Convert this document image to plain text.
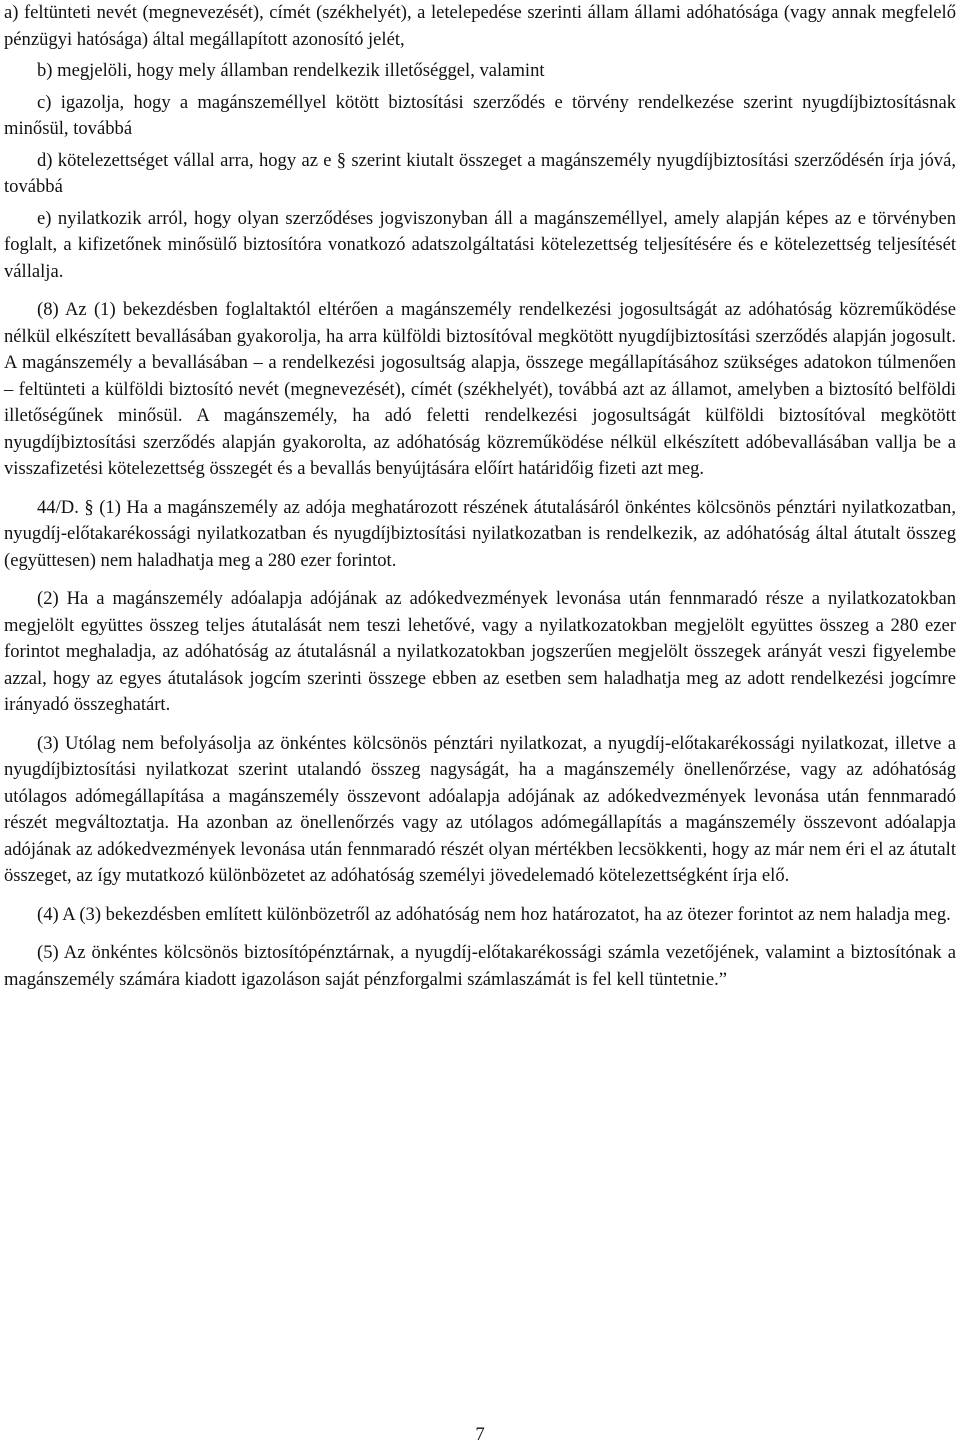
a) feltüntetі nevét (megnevezését), címét (székhelyét), a letelepedése szerinti állam állami adóhatósága (vagy annak megfelelő pénzügyi hatósága) által megállapított azonosító jelét,

b) megjelöli, hogy mely államban rendelkezik illetőséggel, valamint

c) igazolja, hogy a magánszeméllyel kötött biztosítási szerződés e törvény rendelkezése szerint nyugdíjbiztosításnak minősül, továbbá

d) kötelezettséget vállal arra, hogy az e § szerint kiutalt összeget a magánszemély nyugdíjbiztosítási szerződésén írja jóvá, továbbá

e) nyilatkozik arról, hogy olyan szerződéses jogviszonyban áll a magánszeméllyel, amely alapján képes az e törvényben foglalt, a kifizetőnek minősülő biztosítóra vonatkozó adatszolgáltatási kötelezettség teljesítésére és e kötelezettség teljesítését vállalja.

(8) Az (1) bekezdésben foglaltaktól eltérően a magánszemély rendelkezési jogosultságát az adóhatóság közreműködése nélkül elkészített bevallásában gyakorolja, ha arra külföldi biztosítóval megkötött nyugdíjbiztosítási szerződés alapján jogosult. A magánszemély a bevallásában – a rendelkezési jogosultság alapja, összege megállapításához szükséges adatokon túlmenően – feltünteti a külföldi biztosító nevét (megnevezését), címét (székhelyét), továbbá azt az államot, amelyben a biztosító belföldi illetőségűnek minősül. A magánszemély, ha adó feletti rendelkezési jogosultságát külföldi biztosítóval megkötött nyugdíjbiztosítási szerződés alapján gyakorolta, az adóhatóság közreműködése nélkül elkészített adóbevallásában vallja be a visszafizetési kötelezettség összegét és a bevallás benyújtására előírt határidőig fizeti azt meg.

44/D. § (1) Ha a magánszemély az adója meghatározott részének átutalásáról önkéntes kölcsönös pénztári nyilatkozatban, nyugdíj-előtakarékossági nyilatkozatban és nyugdíjbiztosítási nyilatkozatban is rendelkezik, az adóhatóság által átutalt összeg (együttesen) nem haladhatja meg a 280 ezer forintot.

(2) Ha a magánszemély adóalapja adójának az adókedvezmények levonása után fennmaradó része a nyilatkozatokban megjelölt együttes összeg teljes átutalását nem teszi lehetővé, vagy a nyilatkozatokban megjelölt együttes összeg a 280 ezer forintot meghaladja, az adóhatóság az átutalásnál a nyilatkozatokban jogszerűen megjelölt összegek arányát veszi figyelembe azzal, hogy az egyes átutalások jogcím szerinti összege ebben az esetben sem haladhatja meg az adott rendelkezési jogcímre irányadó összeghatárt.

(3) Utólag nem befolyásolja az önkéntes kölcsönös pénztári nyilatkozat, a nyugdíj-előtakarékossági nyilatkozat, illetve a nyugdíjbiztosítási nyilatkozat szerint utalandó összeg nagyságát, ha a magánszemély önellenőrzése, vagy az adóhatóság utólagos adómegállapítása a magánszemély összevont adóalapja adójának az adókedvezmények levonása után fennmaradó részét megváltoztatja. Ha azonban az önellenőrzés vagy az utólagos adómegállapítás a magánszemély összevont adóalapja adójának az adókedvezmények levonása után fennmaradó részét olyan mértékben lecsökkenti, hogy az már nem éri el az átutalt összeget, az így mutatkozó különbözetet az adóhatóság személyi jövedelemadó kötelezettségként írja elő.

(4) A (3) bekezdésben említett különbözetről az adóhatóság nem hoz határozatot, ha az ötezer forintot az nem haladja meg.

(5) Az önkéntes kölcsönös biztosítópénztárnak, a nyugdíj-előtakarékossági számla vezetőjének, valamint a biztosítónak a magánszemély számára kiadott igazoláson saját pénzforgalmi számlaszámát is fel kell tüntetnie.”

7
